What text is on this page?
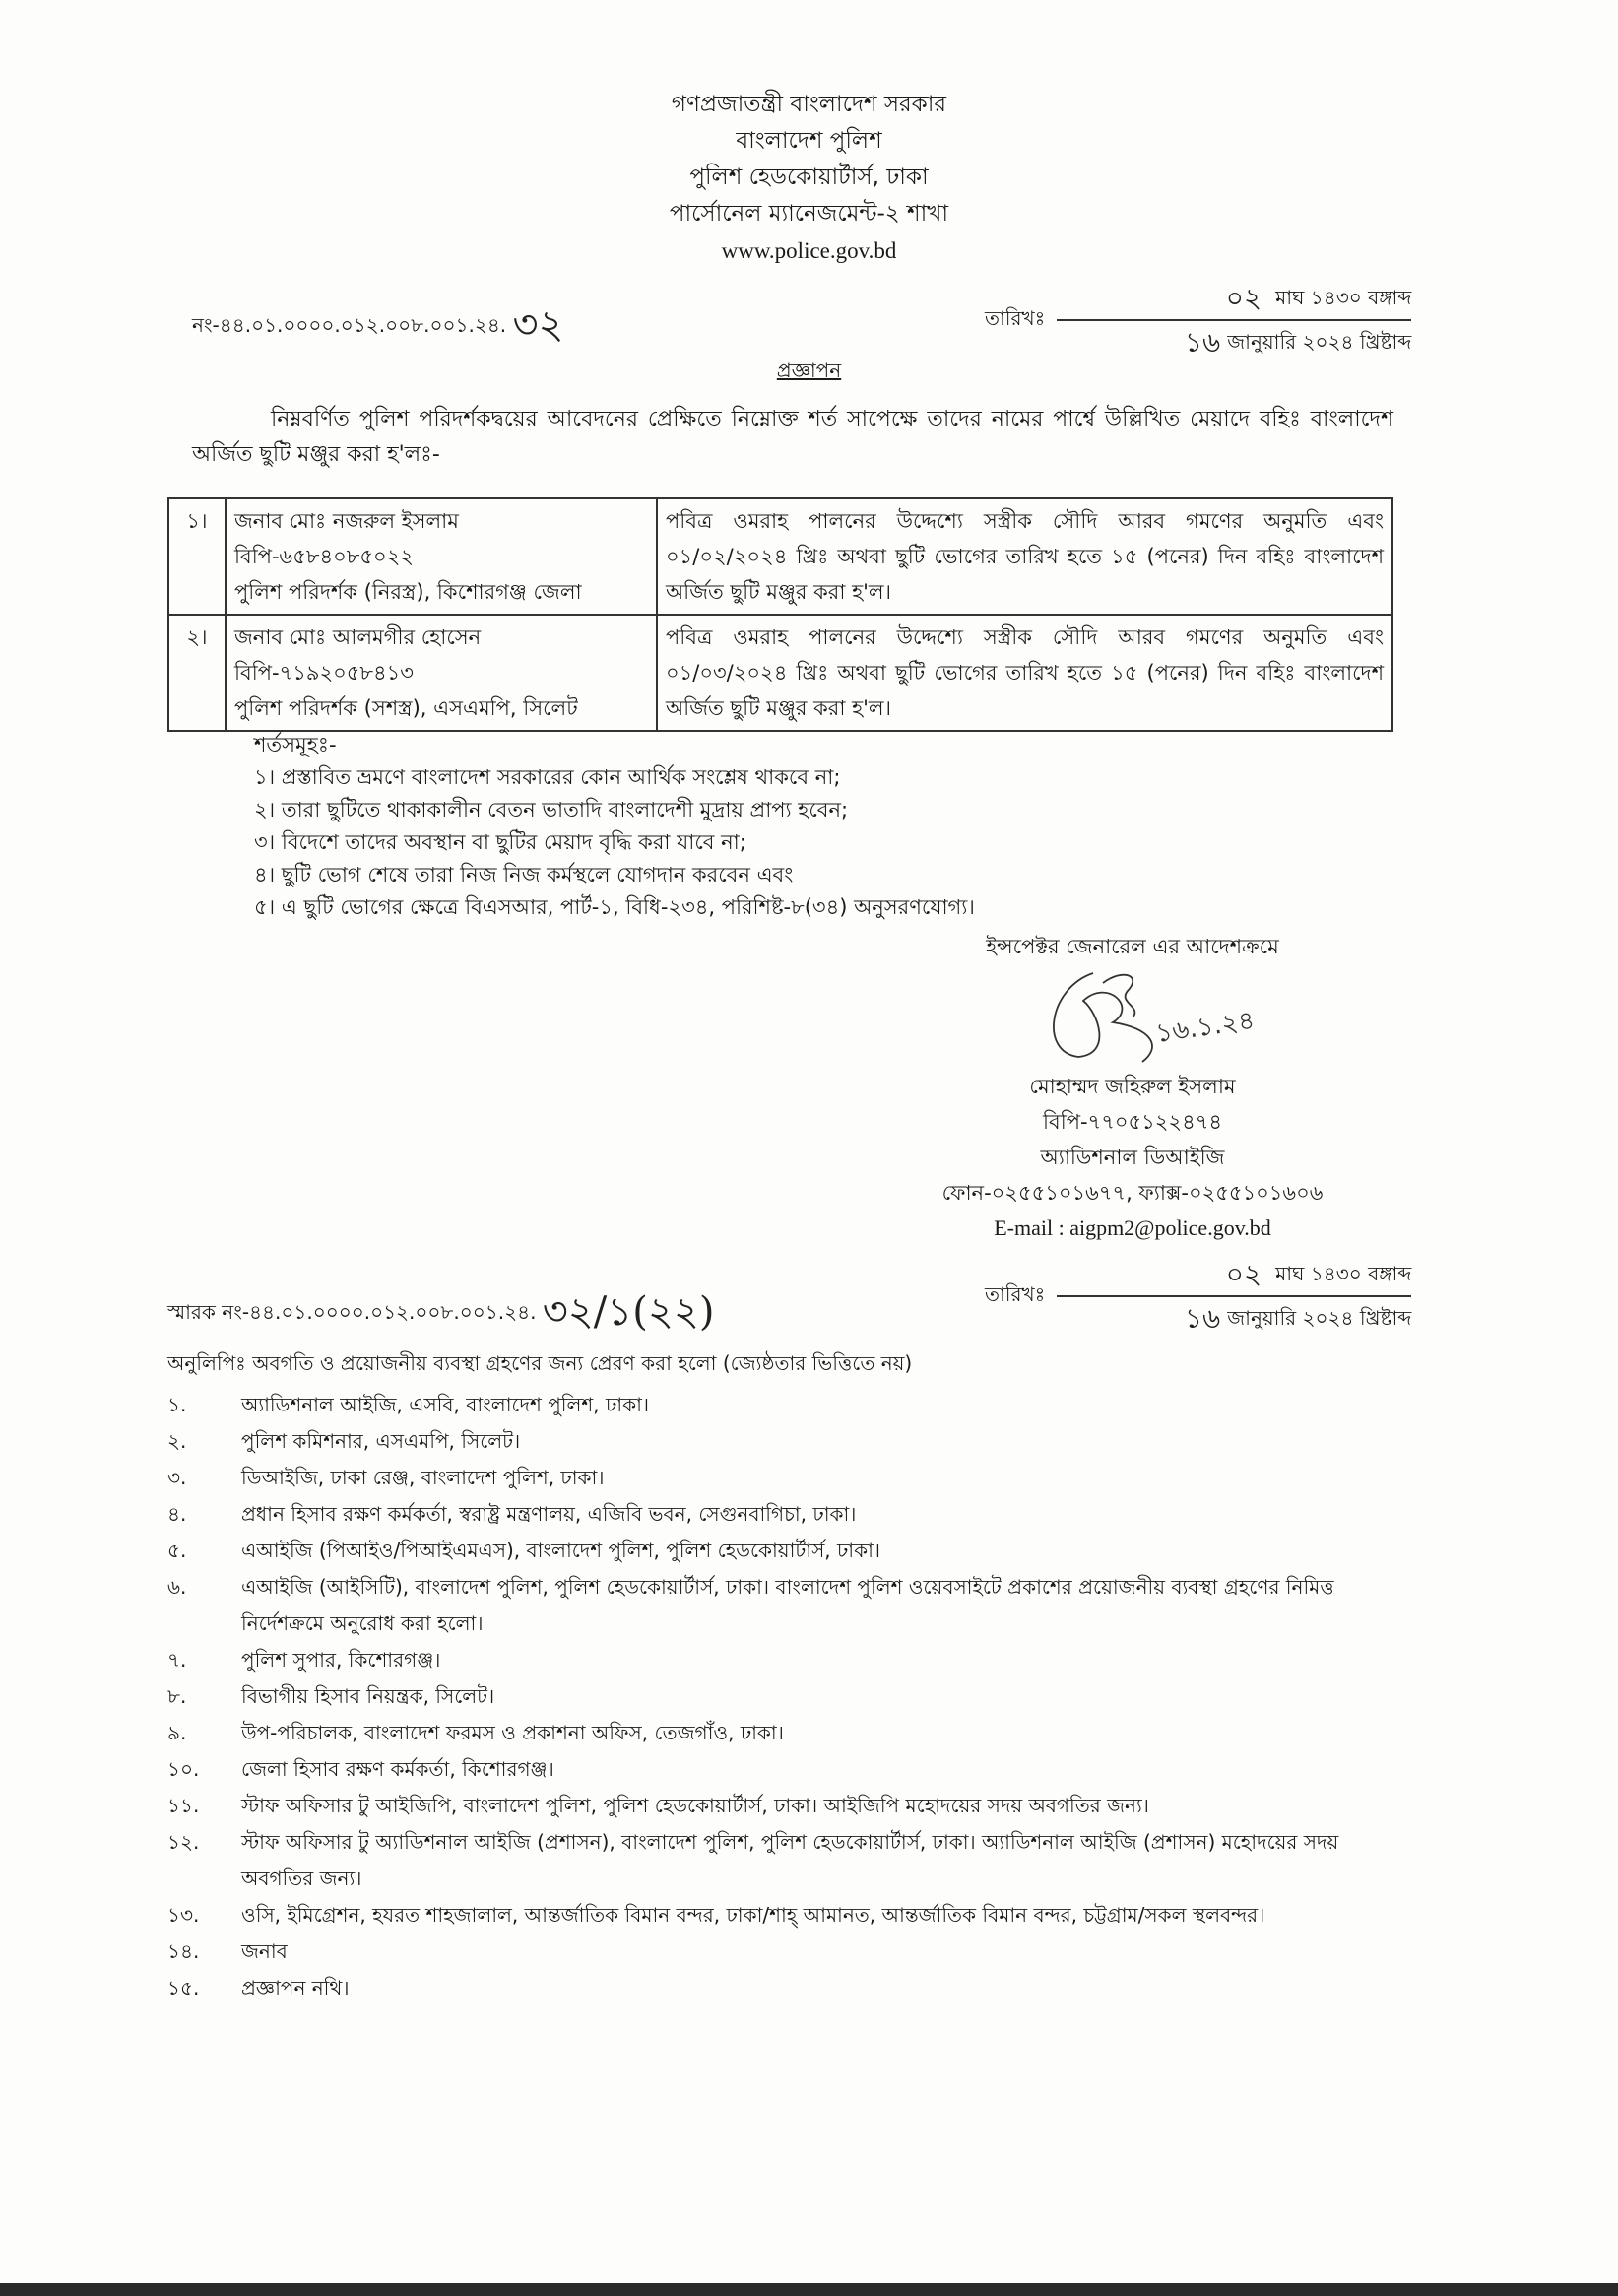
গণপ্রজাতন্ত্রী বাংলাদেশ সরকার
বাংলাদেশ পুলিশ
পুলিশ হেডকোয়ার্টার্স, ঢাকা
পার্সোনেল ম্যানেজমেন্ট-২ শাখা
www.police.gov.bd
নং-৪৪.০১.০০০০.০১২.০০৮.০০১.২৪. ৩২	তারিখঃ
০২ মাঘ ১৪৩০ বঙ্গাব্দ
১৬ জানুয়ারি ২০২৪ খ্রিষ্টাব্দ
প্রজ্ঞাপন
নিম্নবর্ণিত পুলিশ পরিদর্শকদ্বয়ের আবেদনের প্রেক্ষিতে নিম্নোক্ত শর্ত সাপেক্ষে তাদের নামের পার্শ্বে উল্লিখিত মেয়াদে বহিঃ বাংলাদেশ অর্জিত ছুটি মঞ্জুর করা হ'লঃ-
১।	জনাব মোঃ নজরুল ইসলাম
বিপি-৬৫৮৪০৮৫০২২
পুলিশ পরিদর্শক (নিরস্ত্র), কিশোরগঞ্জ জেলা	পবিত্র ওমরাহ পালনের উদ্দেশ্যে সস্ত্রীক সৌদি আরব গমণের অনুমতি এবং ০১/০২/২০২৪ খ্রিঃ অথবা ছুটি ভোগের তারিখ হতে ১৫ (পনের) দিন বহিঃ বাংলাদেশ অর্জিত ছুটি মঞ্জুর করা হ'ল।
২।	জনাব মোঃ আলমগীর হোসেন
বিপি-৭১৯২০৫৮৪১৩
পুলিশ পরিদর্শক (সশস্ত্র), এসএমপি, সিলেট	পবিত্র ওমরাহ পালনের উদ্দেশ্যে সস্ত্রীক সৌদি আরব গমণের অনুমতি এবং ০১/০৩/২০২৪ খ্রিঃ অথবা ছুটি ভোগের তারিখ হতে ১৫ (পনের) দিন বহিঃ বাংলাদেশ অর্জিত ছুটি মঞ্জুর করা হ'ল।
শর্তসমূহঃ-
১। প্রস্তাবিত ভ্রমণে বাংলাদেশ সরকারের কোন আর্থিক সংশ্লেষ থাকবে না;
২। তারা ছুটিতে থাকাকালীন বেতন ভাতাদি বাংলাদেশী মুদ্রায় প্রাপ্য হবেন;
৩। বিদেশে তাদের অবস্থান বা ছুটির মেয়াদ বৃদ্ধি করা যাবে না;
৪। ছুটি ভোগ শেষে তারা নিজ নিজ কর্মস্থলে যোগদান করবেন এবং
৫। এ ছুটি ভোগের ক্ষেত্রে বিএসআর, পার্ট-১, বিধি-২৩৪, পরিশিষ্ট-৮(৩৪) অনুসরণযোগ্য।
ইন্সপেক্টর জেনারেল এর আদেশক্রমে
১৬.১.২৪
মোহাম্মদ জহিরুল ইসলাম
বিপি-৭৭০৫১২২৪৭৪
অ্যাডিশনাল ডিআইজি
ফোন-০২৫৫১০১৬৭৭, ফ্যাক্স-০২৫৫১০১৬০৬
E-mail : aigpm2@police.gov.bd
স্মারক নং-৪৪.০১.০০০০.০১২.০০৮.০০১.২৪. ৩২/১(২২)	তারিখঃ
০২ মাঘ ১৪৩০ বঙ্গাব্দ
১৬ জানুয়ারি ২০২৪ খ্রিষ্টাব্দ
অনুলিপিঃ অবগতি ও প্রয়োজনীয় ব্যবস্থা গ্রহণের জন্য প্রেরণ করা হলো (জ্যেষ্ঠতার ভিত্তিতে নয়)
১.	অ্যাডিশনাল আইজি, এসবি, বাংলাদেশ পুলিশ, ঢাকা।
২.	পুলিশ কমিশনার, এসএমপি, সিলেট।
৩.	ডিআইজি, ঢাকা রেঞ্জ, বাংলাদেশ পুলিশ, ঢাকা।
৪.	প্রধান হিসাব রক্ষণ কর্মকর্তা, স্বরাষ্ট্র মন্ত্রণালয়, এজিবি ভবন, সেগুনবাগিচা, ঢাকা।
৫.	এআইজি (পিআইও/পিআইএমএস), বাংলাদেশ পুলিশ, পুলিশ হেডকোয়ার্টার্স, ঢাকা।
৬.	এআইজি (আইসিটি), বাংলাদেশ পুলিশ, পুলিশ হেডকোয়ার্টার্স, ঢাকা। বাংলাদেশ পুলিশ ওয়েবসাইটে প্রকাশের প্রয়োজনীয় ব্যবস্থা গ্রহণের নিমিত্ত নির্দেশক্রমে অনুরোধ করা হলো।
৭.	পুলিশ সুপার, কিশোরগঞ্জ।
৮.	বিভাগীয় হিসাব নিয়ন্ত্রক, সিলেট।
৯.	উপ-পরিচালক, বাংলাদেশ ফরমস ও প্রকাশনা অফিস, তেজগাঁও, ঢাকা।
১০.	জেলা হিসাব রক্ষণ কর্মকর্তা, কিশোরগঞ্জ।
১১.	স্টাফ অফিসার টু আইজিপি, বাংলাদেশ পুলিশ, পুলিশ হেডকোয়ার্টার্স, ঢাকা। আইজিপি মহোদয়ের সদয় অবগতির জন্য।
১২.	স্টাফ অফিসার টু অ্যাডিশনাল আইজি (প্রশাসন), বাংলাদেশ পুলিশ, পুলিশ হেডকোয়ার্টার্স, ঢাকা। অ্যাডিশনাল আইজি (প্রশাসন) মহোদয়ের সদয় অবগতির জন্য।
১৩.	ওসি, ইমিগ্রেশন, হযরত শাহজালাল, আন্তর্জাতিক বিমান বন্দর, ঢাকা/শাহ্ আমানত, আন্তর্জাতিক বিমান বন্দর, চট্টগ্রাম/সকল স্থলবন্দর।
১৪.	জনাব
১৫.	প্রজ্ঞাপন নথি।
